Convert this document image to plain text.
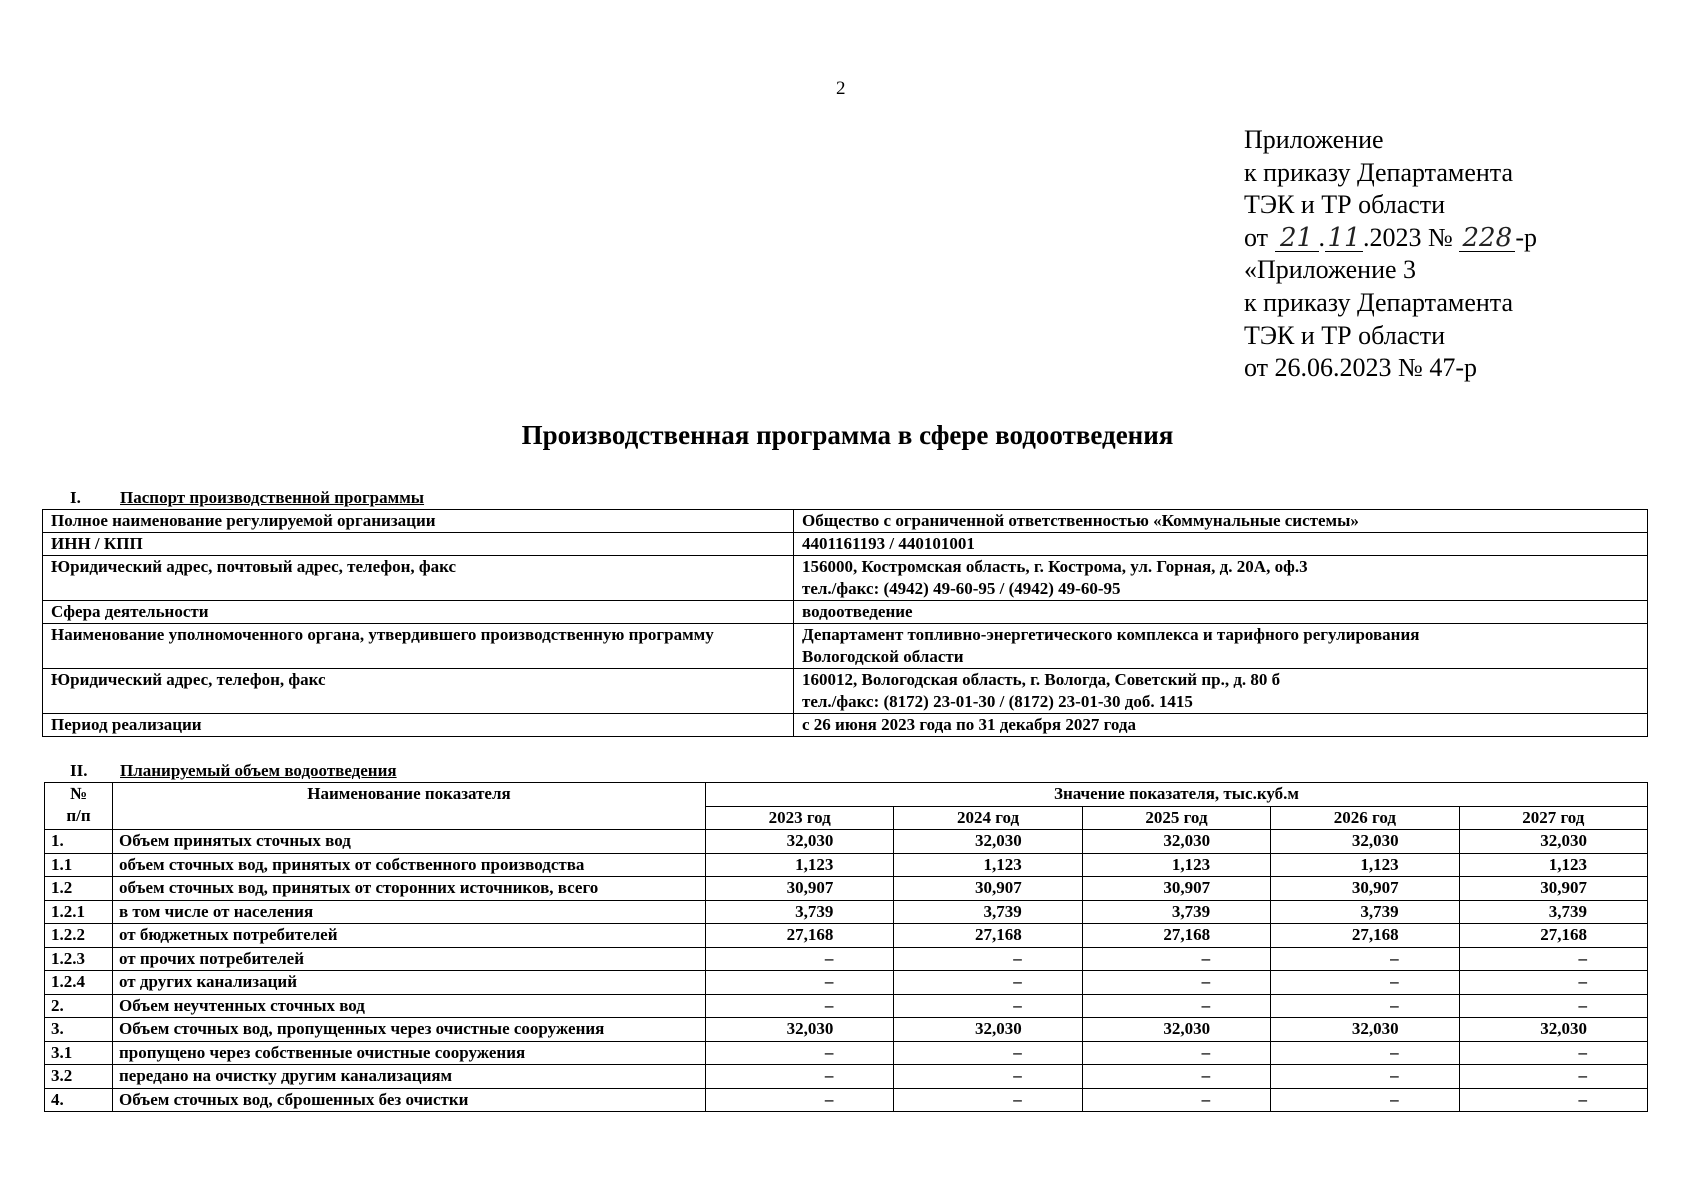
2
Приложение
к приказу Департамента
ТЭК и ТР области
от 21 .11.2023 № 228 -р
«Приложение 3
к приказу Департамента
ТЭК и ТР области
от 26.06.2023 № 47-р
Производственная программа в сфере водоотведения
I. Паспорт производственной программы
Полное наименование регулируемой организации	Общество с ограниченной ответственностью «Коммунальные системы»

ИНН / КПП	4401161193 / 440101001

Юридический адрес, почтовый адрес, телефон, факс	156000, Костромская область, г. Кострома, ул. Горная, д. 20А, оф.3
тел./факс: (4942) 49-60-95 / (4942) 49-60-95

Сфера деятельности	водоотведение

Наименование уполномоченного органа, утвердившего производственную программу	Департамент топливно-энергетического комплекса и тарифного регулирования
Вологодской области

Юридический адрес, телефон, факс	160012, Вологодская область, г. Вологда, Советский пр., д. 80 б
тел./факс: (8172) 23-01-30 / (8172) 23-01-30 доб. 1415

Период реализации	с 26 июня 2023 года по 31 декабря 2027 года
II. Планируемый объем водоотведения
№
п/п	Наименование показателя	Значение показателя, тыс.куб.м				
		2023 год	2024 год	2025 год	2026 год	2027 год
1.	Объем принятых сточных вод	32,030	32,030	32,030	32,030	32,030
1.1	объем сточных вод, принятых от собственного производства	1,123	1,123	1,123	1,123	1,123
1.2	объем сточных вод, принятых от сторонних источников, всего	30,907	30,907	30,907	30,907	30,907
1.2.1	в том числе от населения	3,739	3,739	3,739	3,739	3,739
1.2.2	от бюджетных потребителей	27,168	27,168	27,168	27,168	27,168
1.2.3	от прочих потребителей	–	–	–	–	–
1.2.4	от других канализаций	–	–	–	–	–
2.	Объем неучтенных сточных вод	–	–	–	–	–
3.	Объем сточных вод, пропущенных через очистные сооружения	32,030	32,030	32,030	32,030	32,030
3.1	пропущено через собственные очистные сооружения	–	–	–	–	–
3.2	передано на очистку другим канализациям	–	–	–	–	–
4.	Объем сточных вод, сброшенных без очистки	–	–	–	–	–
